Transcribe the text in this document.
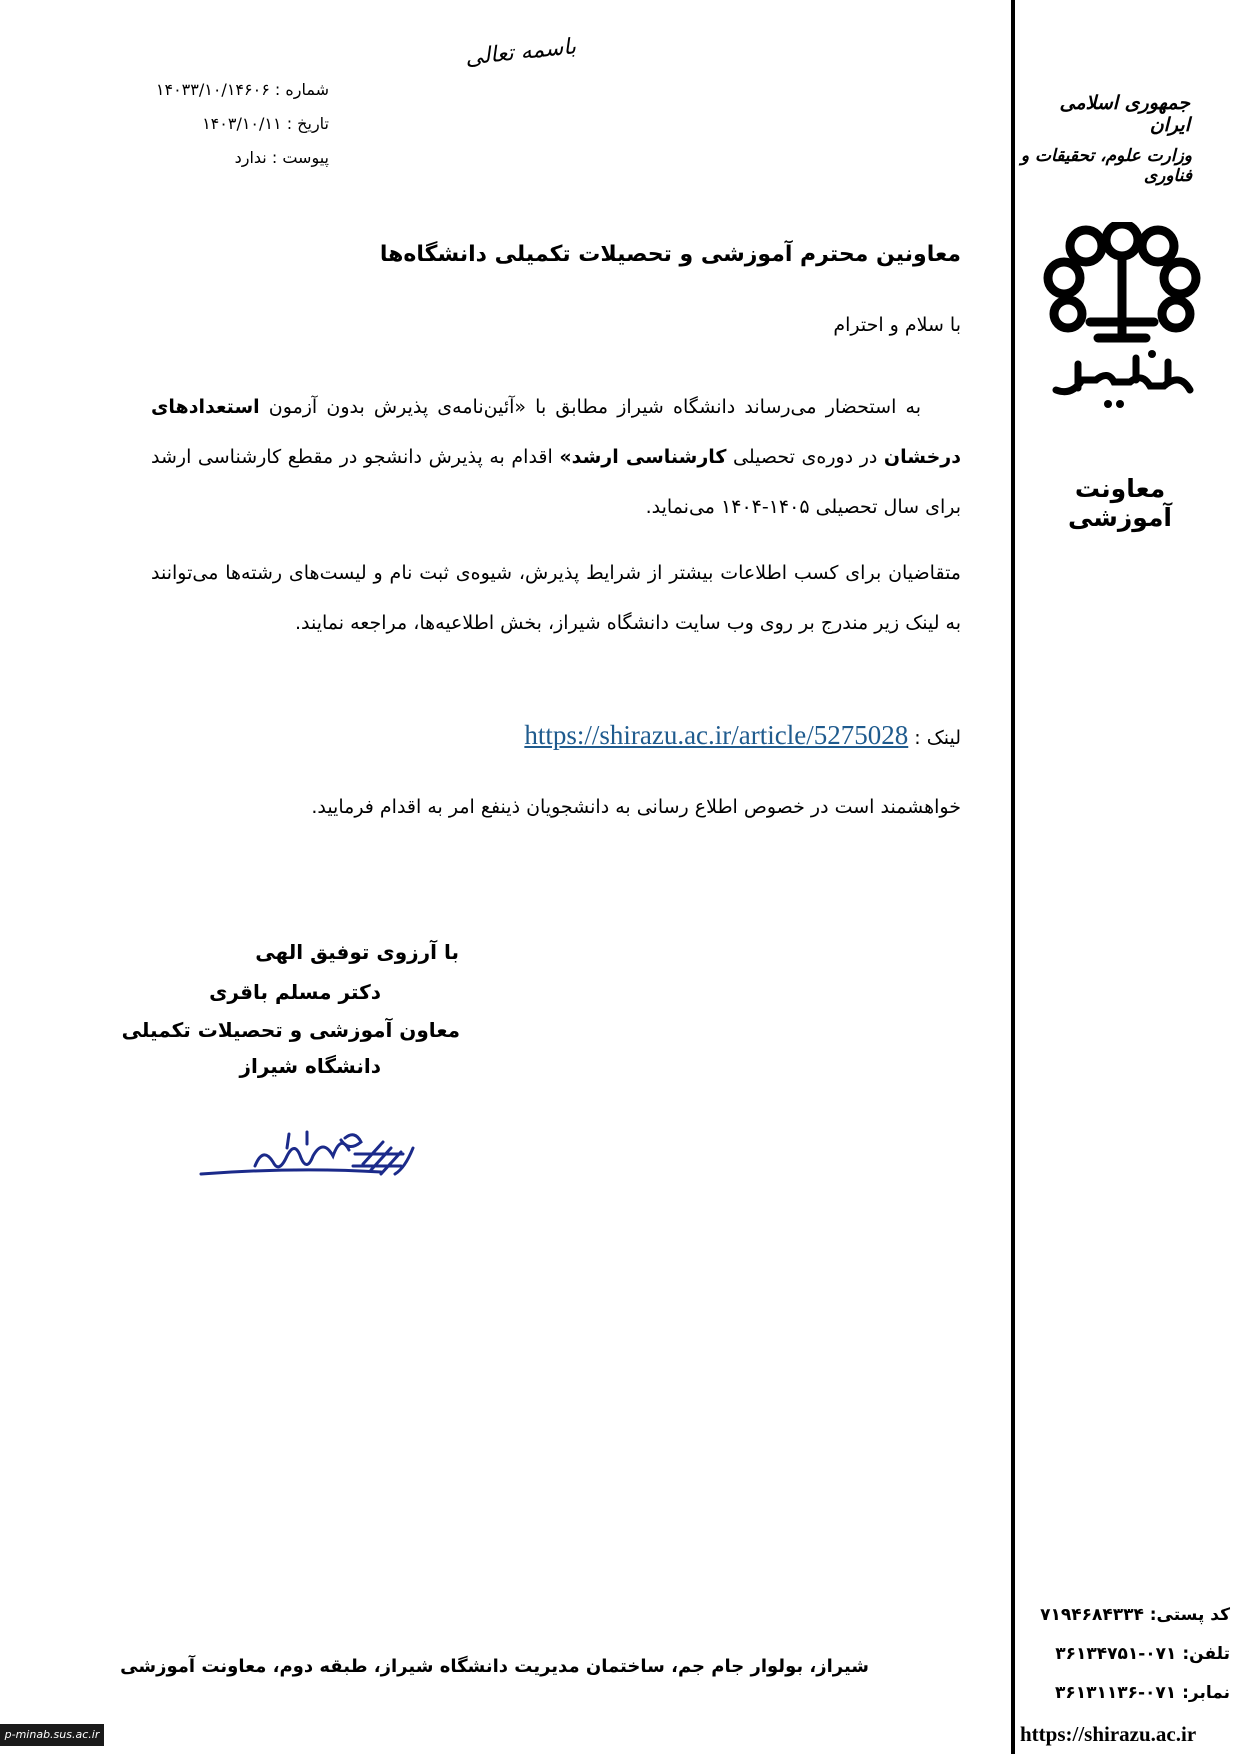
باسمه تعالی
شماره : ۱۴۰۳۳/۱۰/۱۴۶۰۶
تاریخ : ۱۴۰۳/۱۰/۱۱
پیوست : ندارد
جمهوری اسلامی ایران
وزارت علوم، تحقیقات و فناوری
معاونت آموزشی
معاونین محترم آموزشی و تحصیلات تکمیلی دانشگاه‌ها
با سلام و احترام
به استحضار می‌رساند دانشگاه شیراز مطابق با «آئین‌نامه‌ی پذیرش بدون آزمون استعدادهای درخشان در دوره‌ی تحصیلی کارشناسی ارشد» اقدام به پذیرش دانشجو در مقطع کارشناسی ارشد برای سال تحصیلی ۱۴۰۵-۱۴۰۴ می‌نماید.
متقاضیان برای کسب اطلاعات بیشتر از شرایط پذیرش، شیوه‌ی ثبت نام و لیست‌های رشته‌ها می‌توانند به لینک زیر مندرج بر روی وب سایت دانشگاه شیراز، بخش اطلاعیه‌ها، مراجعه نمایند.
لینک : https://shirazu.ac.ir/article/5275028
خواهشمند است در خصوص اطلاع رسانی به دانشجویان ذینفع امر به اقدام فرمایید.
با آرزوی توفیق الهی
دکتر مسلم باقری
معاون آموزشی و تحصیلات تکمیلی
دانشگاه شیراز
کد پستی: ۷۱۹۴۶۸۴۳۳۴
تلفن: ۰۷۱-۳۶۱۳۴۷۵۱
نمابر: ۰۷۱-۳۶۱۳۱۱۳۶
https://shirazu.ac.ir
شیراز، بولوار جام جم، ساختمان مدیریت دانشگاه شیراز، طبقه دوم، معاونت آموزشی
p-minab.sus.ac.ir
